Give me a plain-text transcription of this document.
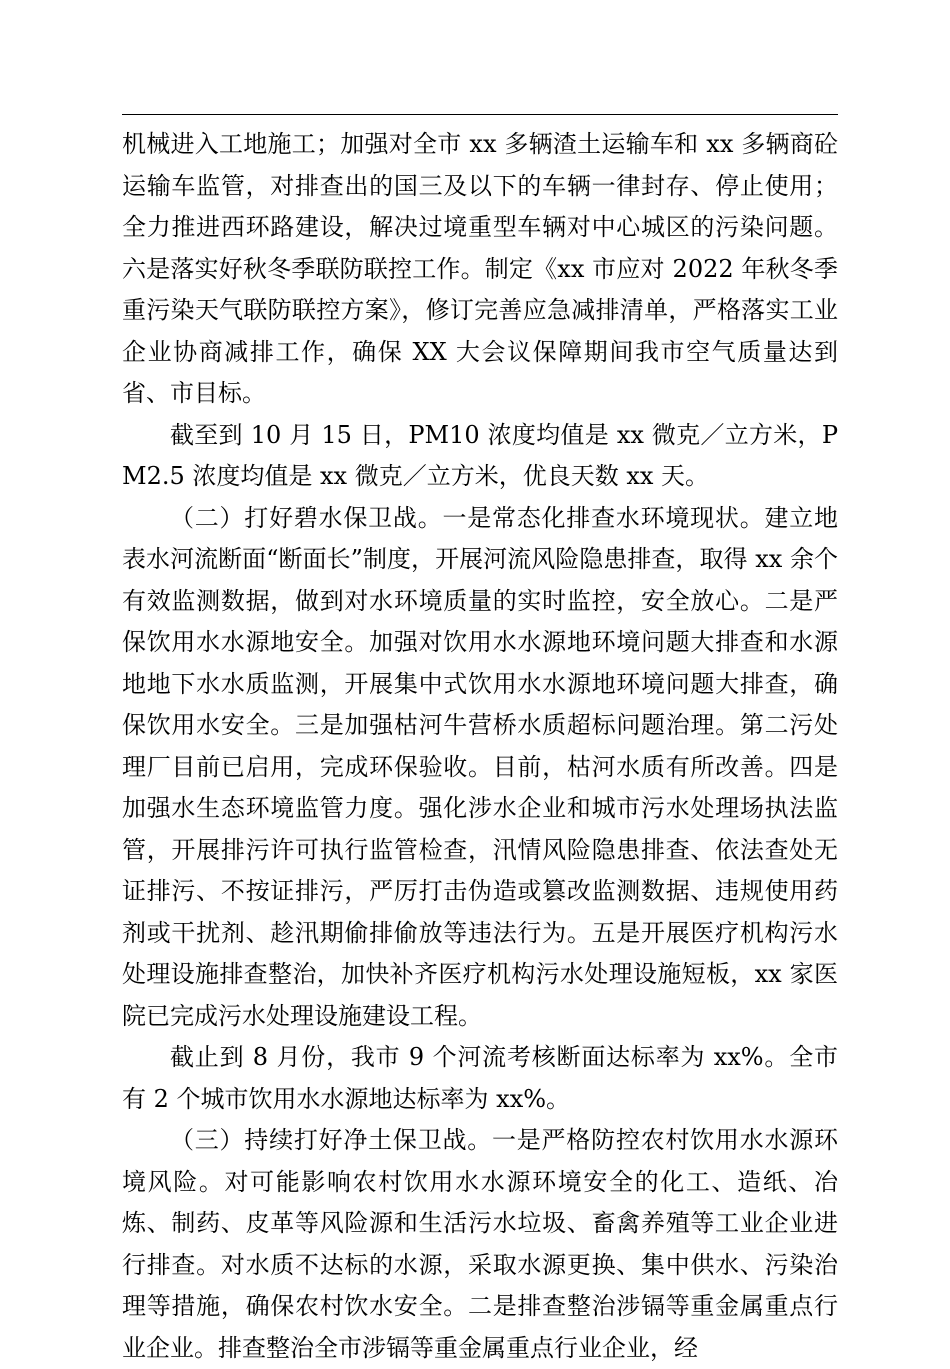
机械进入工地施工；加强对全市 xx 多辆渣土运输车和 xx 多辆商砼运输车监管，对排查出的国三及以下的车辆一律封存、停止使用；全力推进西环路建设，解决过境重型车辆对中心城区的污染问题。六是落实好秋冬季联防联控工作。制定《xx 市应对 2022 年秋冬季重污染天气联防联控方案》，修订完善应急减排清单，严格落实工业企业协商减排工作，确保 XX 大会议保障期间我市空气质量达到省、市目标。

截至到 10 月 15 日，PM10 浓度均值是 xx 微克／立方米，PM2.5 浓度均值是 xx 微克／立方米，优良天数 xx 天。

（二）打好碧水保卫战。一是常态化排查水环境现状。建立地表水河流断面“断面长”制度，开展河流风险隐患排查，取得 xx 余个有效监测数据，做到对水环境质量的实时监控，安全放心。二是严保饮用水水源地安全。加强对饮用水水源地环境问题大排查和水源地地下水水质监测，开展集中式饮用水水源地环境问题大排查，确保饮用水安全。三是加强枯河牛营桥水质超标问题治理。第二污处理厂目前已启用，完成环保验收。目前，枯河水质有所改善。四是加强水生态环境监管力度。强化涉水企业和城市污水处理场执法监管，开展排污许可执行监管检查，汛情风险隐患排查、依法查处无证排污、不按证排污，严厉打击伪造或篡改监测数据、违规使用药剂或干扰剂、趁汛期偷排偷放等违法行为。五是开展医疗机构污水处理设施排查整治，加快补齐医疗机构污水处理设施短板，xx 家医院已完成污水处理设施建设工程。

截止到 8 月份，我市 9 个河流考核断面达标率为 xx%。全市有 2 个城市饮用水水源地达标率为 xx%。

（三）持续打好净土保卫战。一是严格防控农村饮用水水源环境风险。对可能影响农村饮用水水源环境安全的化工、造纸、冶炼、制药、皮革等风险源和生活污水垃圾、畜禽养殖等工业企业进行排查。对水质不达标的水源，采取水源更换、集中供水、污染治理等措施，确保农村饮水安全。二是排查整治涉镉等重金属重点行业企业。排查整治全市涉镉等重金属重点行业企业，经
